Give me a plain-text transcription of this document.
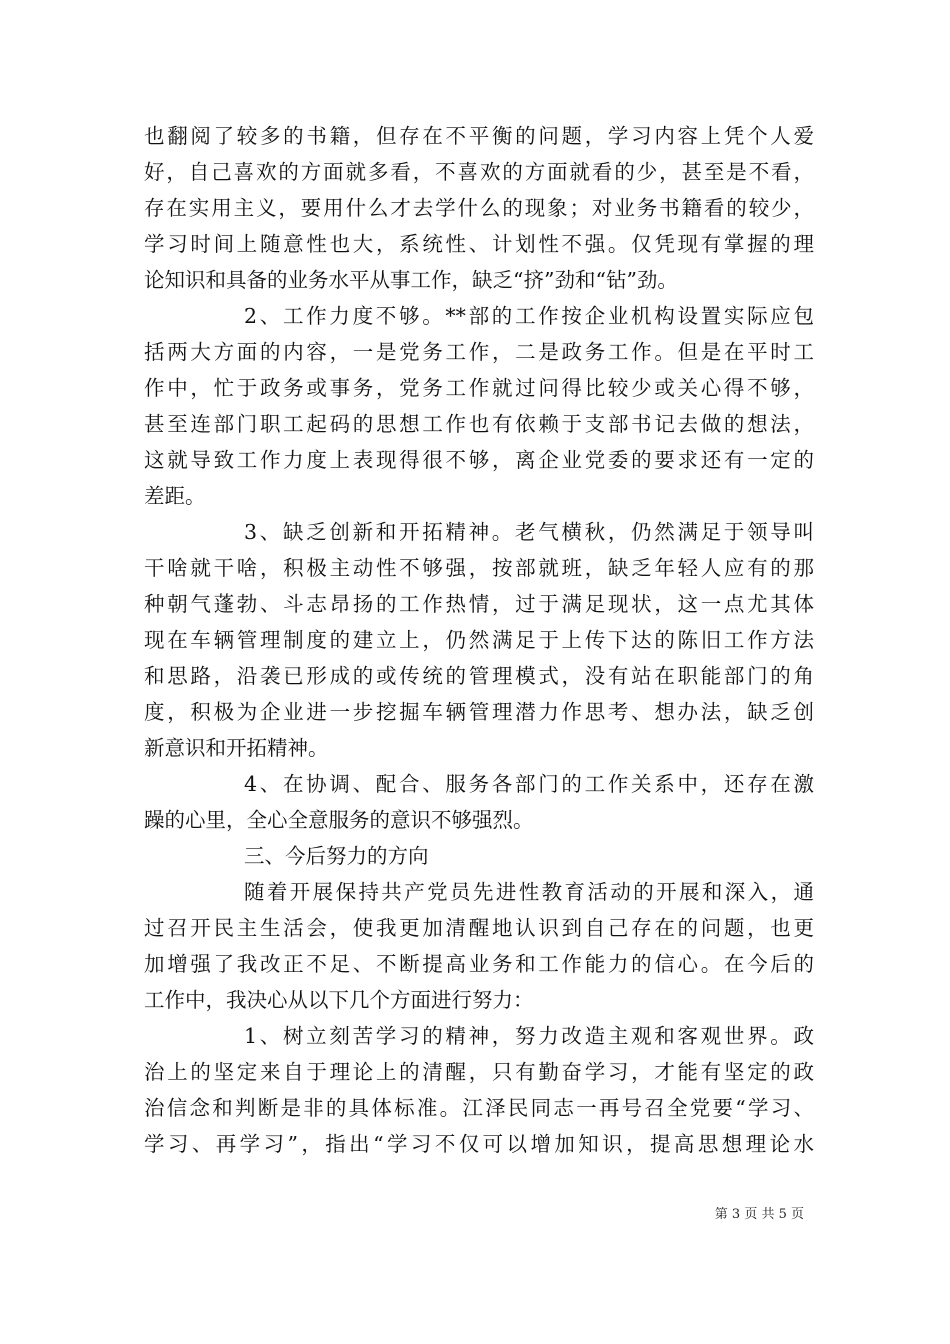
也翻阅了较多的书籍，但存在不平衡的问题，学习内容上凭个人爱
好，自己喜欢的方面就多看，不喜欢的方面就看的少，甚至是不看，
存在实用主义，要用什么才去学什么的现象；对业务书籍看的较少，
学习时间上随意性也大，系统性、计划性不强。仅凭现有掌握的理
论知识和具备的业务水平从事工作，缺乏“挤”劲和“钻”劲。
2、工作力度不够。**部的工作按企业机构设置实际应包
括两大方面的内容，一是党务工作，二是政务工作。但是在平时工
作中，忙于政务或事务，党务工作就过问得比较少或关心得不够，
甚至连部门职工起码的思想工作也有依赖于支部书记去做的想法，
这就导致工作力度上表现得很不够，离企业党委的要求还有一定的
差距。
3、缺乏创新和开拓精神。老气横秋，仍然满足于领导叫
干啥就干啥，积极主动性不够强，按部就班，缺乏年轻人应有的那
种朝气蓬勃、斗志昂扬的工作热情，过于满足现状，这一点尤其体
现在车辆管理制度的建立上，仍然满足于上传下达的陈旧工作方法
和思路，沿袭已形成的或传统的管理模式，没有站在职能部门的角
度，积极为企业进一步挖掘车辆管理潜力作思考、想办法，缺乏创
新意识和开拓精神。
4、在协调、配合、服务各部门的工作关系中，还存在激
躁的心里，全心全意服务的意识不够强烈。
三、今后努力的方向
随着开展保持共产党员先进性教育活动的开展和深入，通
过召开民主生活会，使我更加清醒地认识到自己存在的问题，也更
加增强了我改正不足、不断提高业务和工作能力的信心。在今后的
工作中，我决心从以下几个方面进行努力：
1、树立刻苦学习的精神，努力改造主观和客观世界。政
治上的坚定来自于理论上的清醒，只有勤奋学习，才能有坚定的政
治信念和判断是非的具体标准。江泽民同志一再号召全党要“学习、
学习、再学习”，指出“学习不仅可以增加知识，提高思想理论水
第 3 页 共 5 页
